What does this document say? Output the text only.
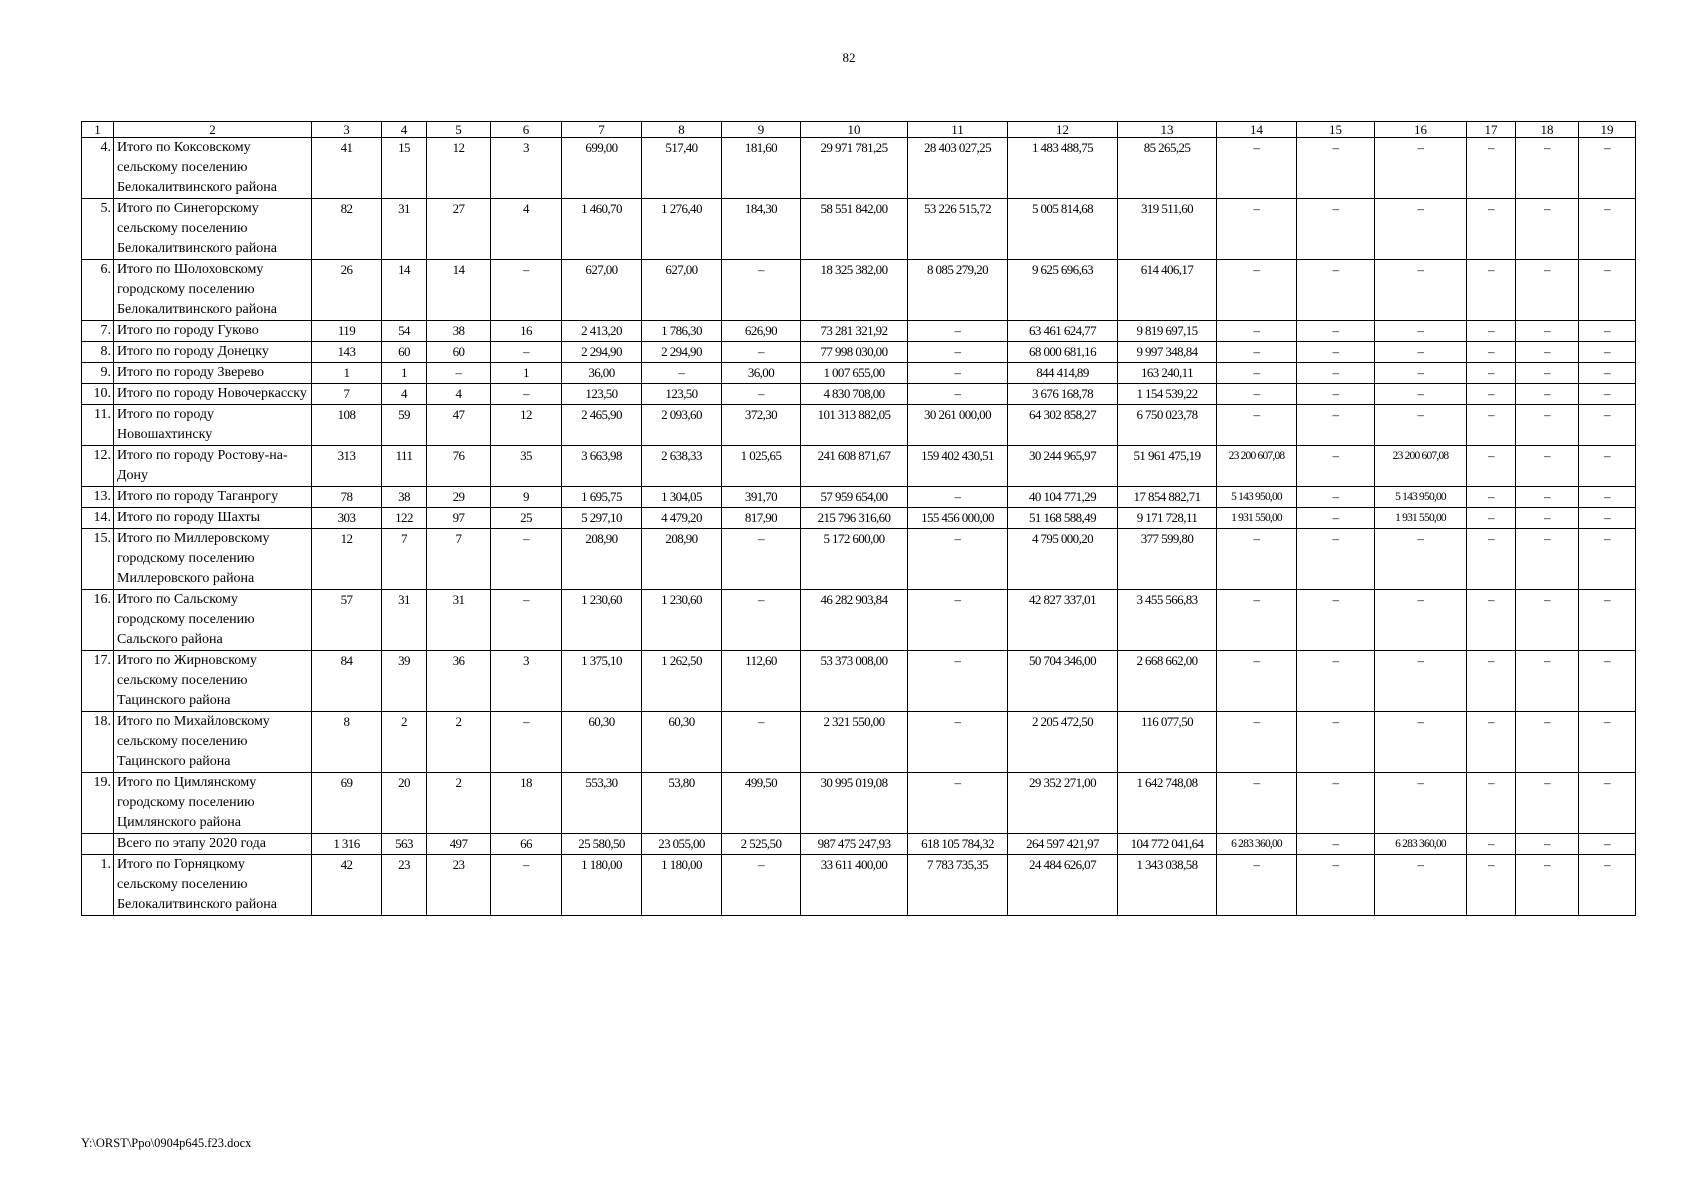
82
1	2	3	4	5	6	7	8	9	10	11	12	13	14	15	16	17	18	19
4.	Итого по Коксовскому сельскому поселению Белокалитвинского района	41	15	12	3	699,00	517,40	181,60	29 971 781,25	28 403 027,25	1 483 488,75	85 265,25	–	–	–	–	–	–
5.	Итого по Синегорскому сельскому поселению Белокалитвинского района	82	31	27	4	1 460,70	1 276,40	184,30	58 551 842,00	53 226 515,72	5 005 814,68	319 511,60	–	–	–	–	–	–
6.	Итого по Шолоховскому городскому поселению Белокалитвинского района	26	14	14	–	627,00	627,00	–	18 325 382,00	8 085 279,20	9 625 696,63	614 406,17	–	–	–	–	–	–
7.	Итого по городу Гуково	119	54	38	16	2 413,20	1 786,30	626,90	73 281 321,92	–	63 461 624,77	9 819 697,15	–	–	–	–	–	–
8.	Итого по городу Донецку	143	60	60	–	2 294,90	2 294,90	–	77 998 030,00	–	68 000 681,16	9 997 348,84	–	–	–	–	–	–
9.	Итого по городу Зверево	1	1	–	1	36,00	–	36,00	1 007 655,00	–	844 414,89	163 240,11	–	–	–	–	–	–
10.	Итого по городу Новочеркасску	7	4	4	–	123,50	123,50	–	4 830 708,00	–	3 676 168,78	1 154 539,22	–	–	–	–	–	–
11.	Итого по городу Новошахтинску	108	59	47	12	2 465,90	2 093,60	372,30	101 313 882,05	30 261 000,00	64 302 858,27	6 750 023,78	–	–	–	–	–	–
12.	Итого по городу Ростову-на-Дону	313	111	76	35	3 663,98	2 638,33	1 025,65	241 608 871,67	159 402 430,51	30 244 965,97	51 961 475,19	23 200 607,08	–	23 200 607,08	–	–	–
13.	Итого по городу Таганрогу	78	38	29	9	1 695,75	1 304,05	391,70	57 959 654,00	–	40 104 771,29	17 854 882,71	5 143 950,00	–	5 143 950,00	–	–	–
14.	Итого по городу Шахты	303	122	97	25	5 297,10	4 479,20	817,90	215 796 316,60	155 456 000,00	51 168 588,49	9 171 728,11	1 931 550,00	–	1 931 550,00	–	–	–
15.	Итого по Миллеровскому городскому поселению Миллеровского района	12	7	7	–	208,90	208,90	–	5 172 600,00	–	4 795 000,20	377 599,80	–	–	–	–	–	–
16.	Итого по Сальскому городскому поселению Сальского района	57	31	31	–	1 230,60	1 230,60	–	46 282 903,84	–	42 827 337,01	3 455 566,83	–	–	–	–	–	–
17.	Итого по Жирновскому сельскому поселению Тацинского района	84	39	36	3	1 375,10	1 262,50	112,60	53 373 008,00	–	50 704 346,00	2 668 662,00	–	–	–	–	–	–
18.	Итого по Михайловскому сельскому поселению Тацинского района	8	2	2	–	60,30	60,30	–	2 321 550,00	–	2 205 472,50	116 077,50	–	–	–	–	–	–
19.	Итого по Цимлянскому городскому поселению Цимлянского района	69	20	2	18	553,30	53,80	499,50	30 995 019,08	–	29 352 271,00	1 642 748,08	–	–	–	–	–	–
	Всего по этапу 2020 года	1 316	563	497	66	25 580,50	23 055,00	2 525,50	987 475 247,93	618 105 784,32	264 597 421,97	104 772 041,64	6 283 360,00	–	6 283 360,00	–	–	–
1.	Итого по Горняцкому сельскому поселению Белокалитвинского района	42	23	23	–	1 180,00	1 180,00	–	33 611 400,00	7 783 735,35	24 484 626,07	1 343 038,58	–	–	–	–	–	–
Y:\ORST\Ppo\0904p645.f23.docx
